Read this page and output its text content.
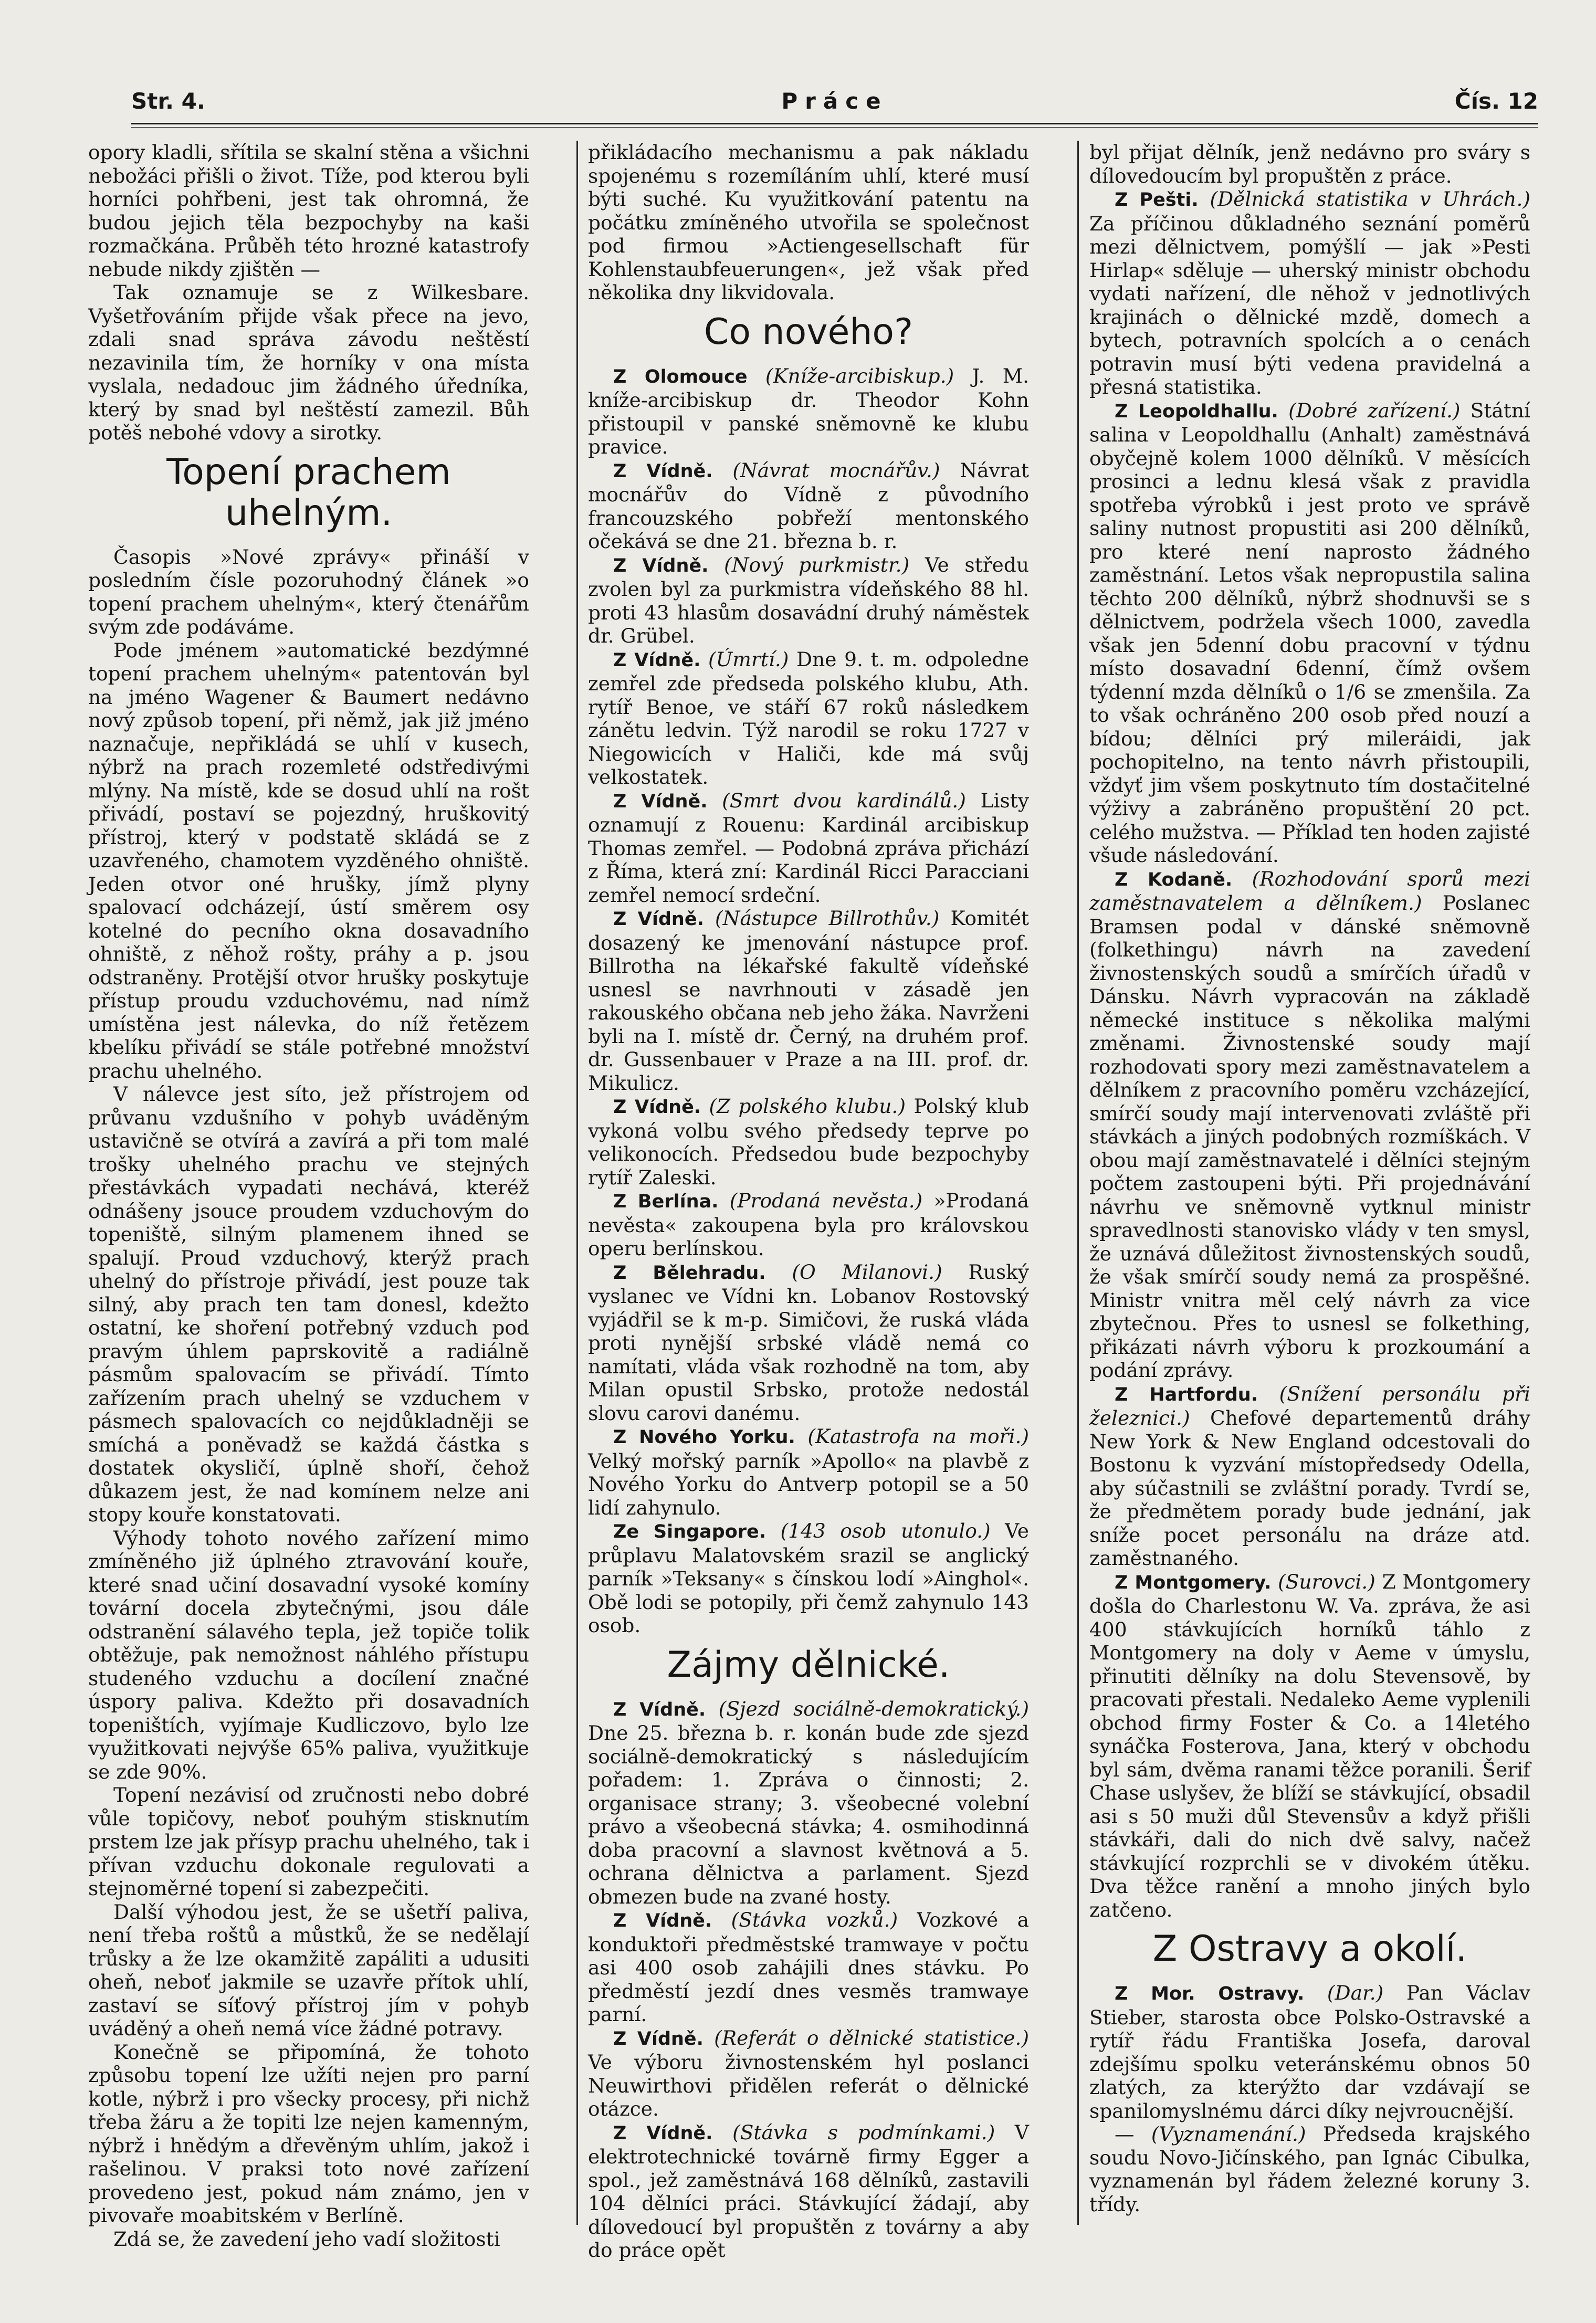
Str. 4.	Práce	Čís. 12

opory kladli, sřítila se skalní stěna a všichni nebožáci přišli o život. Tíže, pod kterou byli horníci pohřbeni, jest tak ohromná, že budou jejich těla bezpochyby na kaši rozmačkána. Průběh této hrozné katastrofy nebude nikdy zjištěn —

Tak oznamuje se z Wilkesbare. Vyšetřováním přijde však přece na jevo, zdali snad správa závodu neštěstí nezavinila tím, že horníky v ona místa vyslala, nedadouc jim žádného úředníka, který by snad byl neštěstí zamezil. Bůh potěš nebohé vdovy a sirotky.

Topení prachem uhelným.

Časopis »Nové zprávy« přináší v posledním čísle pozoruhodný článek »o topení prachem uhelným«, který čtenářům svým zde podáváme.

Pode jménem »automatické bezdýmné topení prachem uhelným« patentován byl na jméno Wagener & Baumert nedávno nový způsob topení, při němž, jak již jméno naznačuje, nepřikládá se uhlí v kusech, nýbrž na prach rozemleté odstředivými mlýny. Na místě, kde se dosud uhlí na rošt přivádí, postaví se pojezdný, hruškovitý přístroj, který v podstatě skládá se z uzavřeného, chamotem vyzděného ohniště. Jeden otvor oné hrušky, jímž plyny spalovací odcházejí, ústí směrem osy kotelné do pecního okna dosavadního ohniště, z něhož rošty, práhy a p. jsou odstraněny. Protější otvor hrušky poskytuje přístup proudu vzduchovému, nad nímž umístěna jest nálevka, do níž řetězem kbelíku přivádí se stále potřebné množství prachu uhelného.

V nálevce jest síto, jež přístrojem od průvanu vzdušního v pohyb uváděným ustavičně se otvírá a zavírá a při tom malé trošky uhelného prachu ve stejných přestávkách vypadati nechává, kteréž odnášeny jsouce proudem vzduchovým do topeniště, silným plamenem ihned se spalují. Proud vzduchový, kterýž prach uhelný do přístroje přivádí, jest pouze tak silný, aby prach ten tam donesl, kdežto ostatní, ke shoření potřebný vzduch pod pravým úhlem paprskovitě a radiálně pásmům spalovacím se přivádí. Tímto zařízením prach uhelný se vzduchem v pásmech spalovacích co nejdůkladněji se smíchá a poněvadž se každá částka s dostatek okysličí, úplně shoří, čehož důkazem jest, že nad komínem nelze ani stopy kouře konstatovati.

Výhody tohoto nového zařízení mimo zmíněného již úplného ztravování kouře, které snad učiní dosavadní vysoké komíny tovární docela zbytečnými, jsou dále odstranění sálavého tepla, jež topiče tolik obtěžuje, pak nemožnost náhlého přístupu studeného vzduchu a docílení značné úspory paliva. Kdežto při dosavadních topeništích, vyjímaje Kudliczovo, bylo lze využitkovati nejvýše 65% paliva, využitkuje se zde 90%.

Topení nezávisí od zručnosti nebo dobré vůle topičovy, neboť pouhým stisknutím prstem lze jak přísyp prachu uhelného, tak i přívan vzduchu dokonale regulovati a stejnoměrné topení si zabezpečiti.

Další výhodou jest, že se ušetří paliva, není třeba roštů a můstků, že se nedělají trůsky a že lze okamžitě zapáliti a udusiti oheň, neboť jakmile se uzavře přítok uhlí, zastaví se síťový přístroj jím v pohyb uváděný a oheň nemá více žádné potravy.

Konečně se připomíná, že tohoto způsobu topení lze užíti nejen pro parní kotle, nýbrž i pro všecky procesy, při nichž třeba žáru a že topiti lze nejen kamenným, nýbrž i hnědým a dřevěným uhlím, jakož i rašelinou. V praksi toto nové zařízení provedeno jest, pokud nám známo, jen v pivovaře moabitském v Berlíně.

Zdá se, že zavedení jeho vadí složitosti

přikládacího mechanismu a pak nákladu spojenému s rozemíláním uhlí, které musí býti suché. Ku využitkování patentu na počátku zmíněného utvořila se společnost pod firmou »Actiengesellschaft für Kohlenstaubfeuerungen«, jež však před několika dny likvidovala.

Co nového?

Z Olomouce (Kníže-arcibiskup.) J. M. kníže-arcibiskup dr. Theodor Kohn přistoupil v panské sněmovně ke klubu pravice.

Z Vídně. (Návrat mocnářův.) Návrat mocnářův do Vídně z původního francouzského pobřeží mentonského očekává se dne 21. března b. r.

Z Vídně. (Nový purkmistr.) Ve středu zvolen byl za purkmistra vídeňského 88 hl. proti 43 hlasům dosavádní druhý náměstek dr. Grübel.

Z Vídně. (Úmrtí.) Dne 9. t. m. odpoledne zemřel zde předseda polského klubu, Ath. rytíř Benoe, ve stáří 67 roků následkem zánětu ledvin. Týž narodil se roku 1727 v Niegowicích v Haliči, kde má svůj velkostatek.

Z Vídně. (Smrt dvou kardinálů.) Listy oznamují z Rouenu: Kardinál arcibiskup Thomas zemřel. — Podobná zpráva přichází z Říma, která zní: Kardinál Ricci Paracciani zemřel nemocí srdeční.

Z Vídně. (Nástupce Billrothův.) Komitét dosazený ke jmenování nástupce prof. Billrotha na lékařské fakultě vídeňské usnesl se navrhnouti v zásadě jen rakouského občana neb jeho žáka. Navrženi byli na I. místě dr. Černý, na druhém prof. dr. Gussenbauer v Praze a na III. prof. dr. Mikulicz.

Z Vídně. (Z polského klubu.) Polský klub vykoná volbu svého předsedy teprve po velikonocích. Předsedou bude bezpochyby rytíř Zaleski.

Z Berlína. (Prodaná nevěsta.) »Prodaná nevěsta« zakoupena byla pro královskou operu berlínskou.

Z Bělehradu. (O Milanovi.) Ruský vyslanec ve Vídni kn. Lobanov Rostovský vyjádřil se k m-p. Simičovi, že ruská vláda proti nynější srbské vládě nemá co namítati, vláda však rozhodně na tom, aby Milan opustil Srbsko, protože nedostál slovu carovi danému.

Z Nového Yorku. (Katastrofa na moři.) Velký mořský parník »Apollo« na plavbě z Nového Yorku do Antverp potopil se a 50 lidí zahynulo.

Ze Singapore. (143 osob utonulo.) Ve průplavu Malatovském srazil se anglický parník »Teksany« s čínskou lodí »Ainghol«. Obě lodi se potopily, při čemž zahynulo 143 osob.

Zájmy dělnické.

Z Vídně. (Sjezd sociálně-demokratický.) Dne 25. března b. r. konán bude zde sjezd sociálně-demokratický s následujícím pořadem: 1. Zpráva o činnosti; 2. organisace strany; 3. všeobecné volební právo a všeobecná stávka; 4. osmihodinná doba pracovní a slavnost květnová a 5. ochrana dělnictva a parlament. Sjezd obmezen bude na zvané hosty.

Z Vídně. (Stávka vozků.) Vozkové a konduktoři předměstské tramwaye v počtu asi 400 osob zahájili dnes stávku. Po předměstí jezdí dnes vesměs tramwaye parní.

Z Vídně. (Referát o dělnické statistice.) Ve výboru živnostenském hyl poslanci Neuwirthovi přidělen referát o dělnické otázce.

Z Vídně. (Stávka s podmínkami.) V elektrotechnické továrně firmy Egger a spol., jež zaměstnává 168 dělníků, zastavili 104 dělníci práci. Stávkující žádají, aby dílovedoucí byl propuštěn z továrny a aby do práce opět

byl přijat dělník, jenž nedávno pro sváry s dílovedoucím byl propuštěn z práce.

Z Pešti. (Dělnická statistika v Uhrách.) Za příčinou důkladného seznání poměrů mezi dělnictvem, pomýšlí — jak »Pesti Hirlap« sděluje — uherský ministr obchodu vydati nařízení, dle něhož v jednotlivých krajinách o dělnické mzdě, domech a bytech, potravních spolcích a o cenách potravin musí býti vedena pravidelná a přesná statistika.

Z Leopoldhallu. (Dobré zařízení.) Státní salina v Leopoldhallu (Anhalt) zaměstnává obyčejně kolem 1000 dělníků. V měsících prosinci a lednu klesá však z pravidla spotřeba výrobků i jest proto ve správě saliny nutnost propustiti asi 200 dělníků, pro které není naprosto žádného zaměstnání. Letos však nepropustila salina těchto 200 dělníků, nýbrž shodnuvši se s dělnictvem, podržela všech 1000, zavedla však jen 5denní dobu pracovní v týdnu místo dosavadní 6denní, čímž ovšem týdenní mzda dělníků o 1/6 se zmenšila. Za to však ochráněno 200 osob před nouzí a bídou; dělníci prý mileráidi, jak pochopitelno, na tento návrh přistoupili, vždyť jim všem poskytnuto tím dostačitelné výživy a zabráněno propuštění 20 pct. celého mužstva. — Příklad ten hoden zajisté všude následování.

Z Kodaně. (Rozhodování sporů mezi zaměstnavatelem a dělníkem.) Poslanec Bramsen podal v dánské sněmovně (folkethingu) návrh na zavedení živnostenských soudů a smírčích úřadů v Dánsku. Návrh vypracován na základě německé instituce s několika malými změnami. Živnostenské soudy mají rozhodovati spory mezi zaměstnavatelem a dělníkem z pracovního poměru vzcházející, smírčí soudy mají intervenovati zvláště při stávkách a jiných podobných rozmíškách. V obou mají zaměstnavatelé i dělníci stejným počtem zastoupeni býti. Při projednávání návrhu ve sněmovně vytknul ministr spravedlnosti stanovisko vlády v ten smysl, že uznává důležitost živnostenských soudů, že však smírčí soudy nemá za prospěšné. Ministr vnitra měl celý návrh za vice zbytečnou. Přes to usnesl se folkething, přikázati návrh výboru k prozkoumání a podání zprávy.

Z Hartfordu. (Snížení personálu při železnici.) Chefové departementů dráhy New York & New England odcestovali do Bostonu k vyzvání místopředsedy Odella, aby súčastnili se zvláštní porady. Tvrdí se, že předmětem porady bude jednání, jak sníže pocet personálu na dráze atd. zaměstnaného.

Z Montgomery. (Surovci.) Z Montgomery došla do Charlestonu W. Va. zpráva, že asi 400 stávkujících horníků táhlo z Montgomery na doly v Aeme v úmyslu, přinutiti dělníky na dolu Stevensově, by pracovati přestali. Nedaleko Aeme vyplenili obchod firmy Foster & Co. a 14letého synáčka Fosterova, Jana, který v obchodu byl sám, dvěma ranami těžce poranili. Šerif Chase uslyšev, že blíží se stávkující, obsadil asi s 50 muži důl Stevensův a když přišli stávkáři, dali do nich dvě salvy, načež stávkující rozprchli se v divokém útěku. Dva těžce ranění a mnoho jiných bylo zatčeno.

Z Ostravy a okolí.

Z Mor. Ostravy. (Dar.) Pan Václav Stieber, starosta obce Polsko-Ostravské a rytíř řádu Františka Josefa, daroval zdejšímu spolku veteránskému obnos 50 zlatých, za kterýžto dar vzdávají se spanilomyslnému dárci díky nejvroucnější.

— (Vyznamenání.) Předseda krajského soudu Novo-Jičínského, pan Ignác Cibulka, vyznamenán byl řádem železné koruny 3. třídy.
